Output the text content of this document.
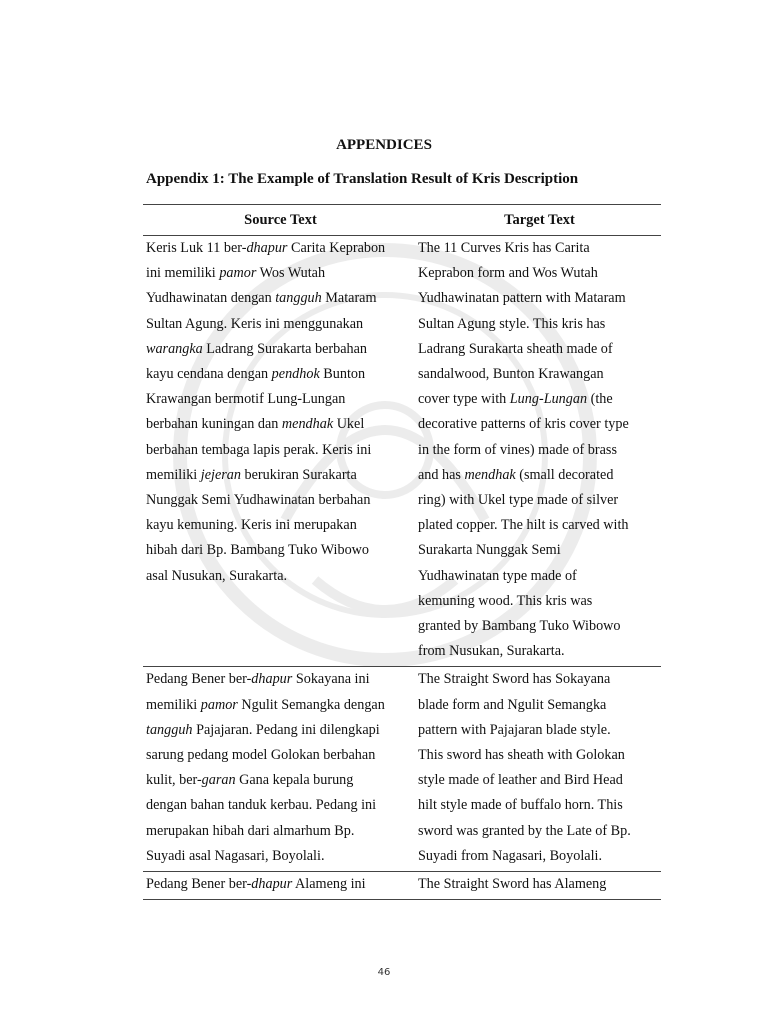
APPENDICES
Appendix 1: The Example of Translation Result of Kris Description
Source Text	Target Text
Keris Luk 11 ber-dhapur Carita Keprabon
ini memiliki pamor Wos Wutah
Yudhawinatan dengan tangguh Mataram
Sultan Agung. Keris ini menggunakan
warangka Ladrang Surakarta berbahan
kayu cendana dengan pendhok Bunton
Krawangan bermotif Lung-Lungan
berbahan kuningan dan mendhak Ukel
berbahan tembaga lapis perak. Keris ini
memiliki jejeran berukiran Surakarta
Nunggak Semi Yudhawinatan berbahan
kayu kemuning. Keris ini merupakan
hibah dari Bp. Bambang Tuko Wibowo
asal Nusukan, Surakarta.
The 11 Curves Kris has Carita
Keprabon form and Wos Wutah
Yudhawinatan pattern with Mataram
Sultan Agung style. This kris has
Ladrang Surakarta sheath made of
sandalwood, Bunton Krawangan
cover type with Lung-Lungan (the
decorative patterns of kris cover type
in the form of vines) made of brass
and has mendhak (small decorated
ring) with Ukel type made of silver
plated copper. The hilt is carved with
Surakarta Nunggak Semi
Yudhawinatan type made of
kemuning wood. This kris was
granted by Bambang Tuko Wibowo
from Nusukan, Surakarta.
Pedang Bener ber-dhapur Sokayana ini
memiliki pamor Ngulit Semangka dengan
tangguh Pajajaran. Pedang ini dilengkapi
sarung pedang model Golokan berbahan
kulit, ber-garan Gana kepala burung
dengan bahan tanduk kerbau. Pedang ini
merupakan hibah dari almarhum Bp.
Suyadi asal Nagasari, Boyolali.
The Straight Sword has Sokayana
blade form and Ngulit Semangka
pattern with Pajajaran blade style.
This sword has sheath with Golokan
style made of leather and Bird Head
hilt style made of buffalo horn. This
sword was granted by the Late of Bp.
Suyadi from Nagasari, Boyolali.
Pedang Bener ber-dhapur Alameng ini	The Straight Sword has Alameng
46
